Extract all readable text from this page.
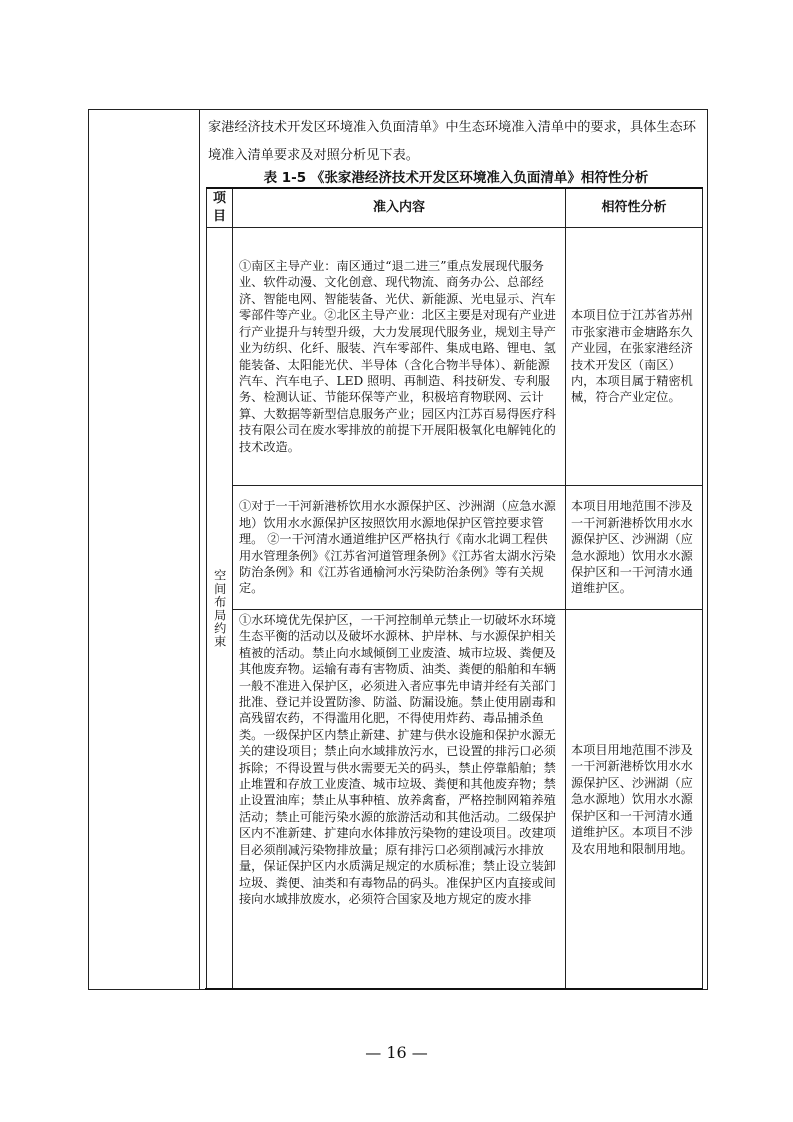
家港经济技术开发区环境准入负面清单》中生态环境准入清单中的要求，具体生态环境准入清单要求及对照分析见下表。
表 1-5 《张家港经济技术开发区环境准入负面清单》相符性分析
项目	准入内容	相符性分析
空间布局约束	①南区主导产业：南区通过“退二进三”重点发展现代服务业、软件动漫、文化创意、现代物流、商务办公、总部经济、智能电网、智能装备、光伏、新能源、光电显示、汽车零部件等产业。②北区主导产业：北区主要是对现有产业进行产业提升与转型升级，大力发展现代服务业，规划主导产业为纺织、化纤、服装、汽车零部件、集成电路、锂电、氢能装备、太阳能光伏、半导体（含化合物半导体）、新能源汽车、汽车电子、LED 照明、再制造、科技研发、专利服务、检测认证、节能环保等产业，积极培育物联网、云计算、大数据等新型信息服务产业；园区内江苏百易得医疗科技有限公司在废水零排放的前提下开展阳极氧化电解钝化的技术改造。	本项目位于江苏省苏州市张家港市金塘路东久产业园，在张家港经济技术开发区（南区）内，本项目属于精密机械，符合产业定位。
	①对于一干河新港桥饮用水水源保护区、沙洲湖（应急水源地）饮用水水源保护区按照饮用水源地保护区管控要求管理。 ②一干河清水通道维护区严格执行《南水北调工程供用水管理条例》《江苏省河道管理条例》《江苏省太湖水污染防治条例》和《江苏省通榆河水污染防治条例》等有关规定。	本项目用地范围不涉及一干河新港桥饮用水水源保护区、沙洲湖（应急水源地）饮用水水源保护区和一干河清水通道维护区。
	①水环境优先保护区，一干河控制单元禁止一切破坏水环境生态平衡的活动以及破坏水源林、护岸林、与水源保护相关植被的活动。禁止向水域倾倒工业废渣、城市垃圾、粪便及其他废弃物。运输有毒有害物质、油类、粪便的船舶和车辆一般不准进入保护区，必须进入者应事先申请并经有关部门批准、登记并设置防渗、防溢、防漏设施。禁止使用剧毒和高残留农药，不得滥用化肥，不得使用炸药、毒品捕杀鱼类。一级保护区内禁止新建、扩建与供水设施和保护水源无关的建设项目；禁止向水域排放污水，已设置的排污口必须拆除；不得设置与供水需要无关的码头，禁止停靠船舶；禁止堆置和存放工业废渣、城市垃圾、粪便和其他废弃物；禁止设置油库；禁止从事种植、放养禽畜，严格控制网箱养殖活动；禁止可能污染水源的旅游活动和其他活动。二级保护区内不准新建、扩建向水体排放污染物的建设项目。改建项目必须削减污染物排放量；原有排污口必须削减污水排放量，保证保护区内水质满足规定的水质标准；禁止设立装卸垃圾、粪便、油类和有毒物品的码头。准保护区内直接或间接向水域排放废水，必须符合国家及地方规定的废水排	本项目用地范围不涉及一干河新港桥饮用水水源保护区、沙洲湖（应急水源地）饮用水水源保护区和一干河清水通道维护区。本项目不涉及农用地和限制用地。
— 16 —
